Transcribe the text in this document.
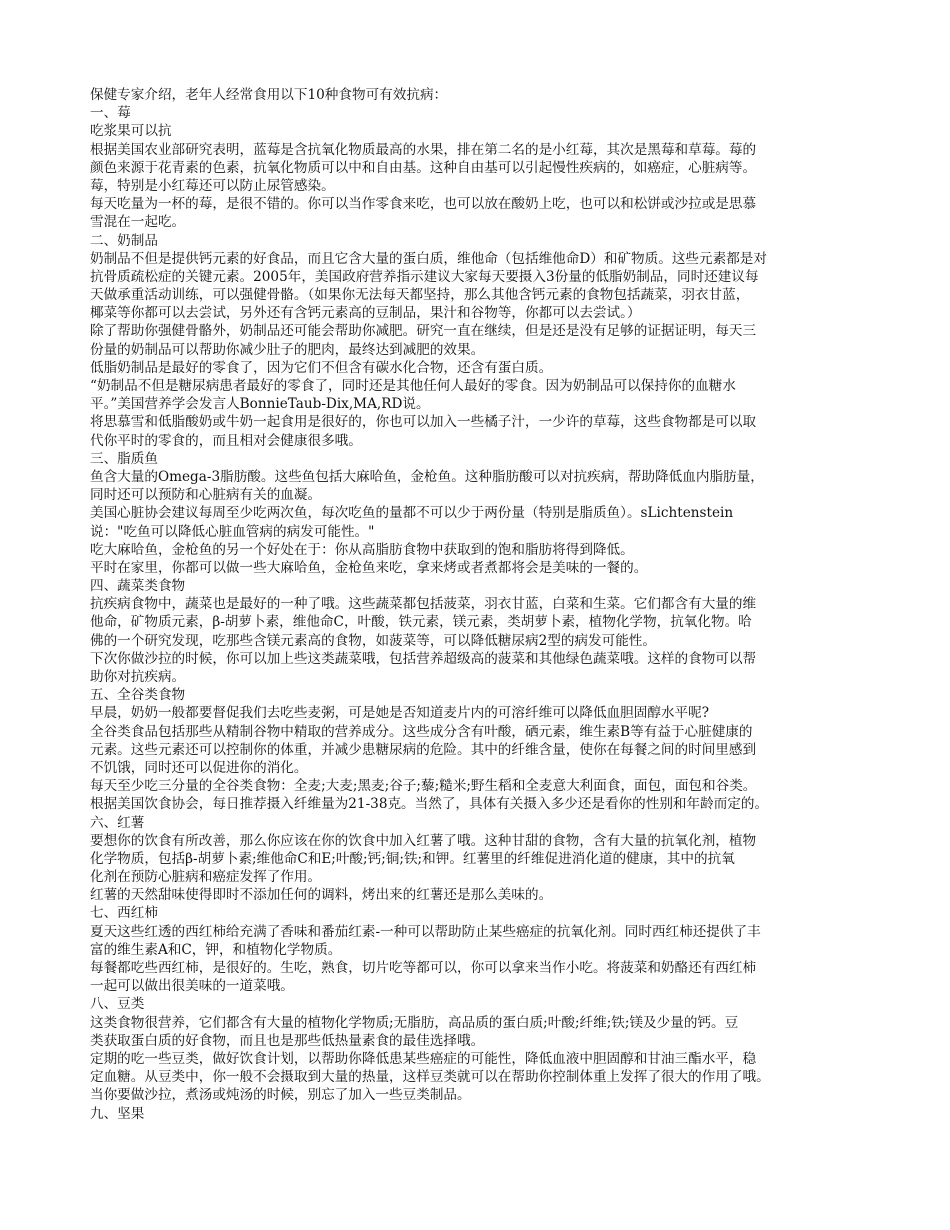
保健专家介绍，老年人经常食用以下10种食物可有效抗病：
一、莓
吃浆果可以抗
根据美国农业部研究表明，蓝莓是含抗氧化物质最高的水果，排在第二名的是小红莓，其次是黑莓和草莓。莓的
颜色来源于花青素的色素，抗氧化物质可以中和自由基。这种自由基可以引起慢性疾病的，如癌症，心脏病等。
莓，特别是小红莓还可以防止尿管感染。
每天吃量为一杯的莓，是很不错的。你可以当作零食来吃，也可以放在酸奶上吃，也可以和松饼或沙拉或是思慕
雪混在一起吃。
二、奶制品
奶制品不但是提供钙元素的好食品，而且它含大量的蛋白质，维他命（包括维他命D）和矿物质。这些元素都是对
抗骨质疏松症的关键元素。2005年，美国政府营养指示建议大家每天要摄入3份量的低脂奶制品，同时还建议每
天做承重活动训练，可以强健骨骼。（如果你无法每天都坚持，那么其他含钙元素的食物包括蔬菜，羽衣甘蓝，
椰菜等你都可以去尝试，另外还有含钙元素高的豆制品，果汁和谷物等，你都可以去尝试。）
除了帮助你强健骨骼外，奶制品还可能会帮助你减肥。研究一直在继续，但是还是没有足够的证据证明，每天三
份量的奶制品可以帮助你减少肚子的肥肉，最终达到减肥的效果。
低脂奶制品是最好的零食了，因为它们不但含有碳水化合物，还含有蛋白质。
“奶制品不但是糖尿病患者最好的零食了，同时还是其他任何人最好的零食。因为奶制品可以保持你的血糖水
平。”美国营养学会发言人BonnieTaub-Dix,MA,RD说。
将思慕雪和低脂酸奶或牛奶一起食用是很好的，你也可以加入一些橘子汁，一少许的草莓，这些食物都是可以取
代你平时的零食的，而且相对会健康很多哦。
三、脂质鱼
鱼含大量的Omega-3脂肪酸。这些鱼包括大麻哈鱼，金枪鱼。这种脂肪酸可以对抗疾病，帮助降低血内脂肪量，
同时还可以预防和心脏病有关的血凝。
美国心脏协会建议每周至少吃两次鱼，每次吃鱼的量都不可以少于两份量（特别是脂质鱼）。sLichtenstein
说："吃鱼可以降低心脏血管病的病发可能性。"
吃大麻哈鱼，金枪鱼的另一个好处在于：你从高脂肪食物中获取到的饱和脂肪将得到降低。
平时在家里，你都可以做一些大麻哈鱼，金枪鱼来吃，拿来烤或者煮都将会是美味的一餐的。
四、蔬菜类食物
抗疾病食物中，蔬菜也是最好的一种了哦。这些蔬菜都包括菠菜，羽衣甘蓝，白菜和生菜。它们都含有大量的维
他命，矿物质元素，β-胡萝卜素，维他命C，叶酸，铁元素，镁元素，类胡萝卜素，植物化学物，抗氧化物。哈
佛的一个研究发现，吃那些含镁元素高的食物，如菠菜等，可以降低糖尿病2型的病发可能性。
下次你做沙拉的时候，你可以加上些这类蔬菜哦，包括营养超级高的菠菜和其他绿色蔬菜哦。这样的食物可以帮
助你对抗疾病。
五、全谷类食物
早晨，奶奶一般都要督促我们去吃些麦粥，可是她是否知道麦片内的可溶纤维可以降低血胆固醇水平呢?
全谷类食品包括那些从精制谷物中精取的营养成分。这些成分含有叶酸，硒元素，维生素B等有益于心脏健康的
元素。这些元素还可以控制你的体重，并减少患糖尿病的危险。其中的纤维含量，使你在每餐之间的时间里感到
不饥饿，同时还可以促进你的消化。
每天至少吃三分量的全谷类食物：全麦;大麦;黑麦;谷子;藜;糙米;野生稻和全麦意大利面食，面包，面包和谷类。
根据美国饮食协会，每日推荐摄入纤维量为21-38克。当然了，具体有关摄入多少还是看你的性别和年龄而定的。
六、红薯
要想你的饮食有所改善，那么你应该在你的饮食中加入红薯了哦。这种甘甜的食物，含有大量的抗氧化剂，植物
化学物质，包括β-胡萝卜素;维他命C和E;叶酸;钙;铜;铁;和钾。红薯里的纤维促进消化道的健康，其中的抗氧
化剂在预防心脏病和癌症发挥了作用。
红薯的天然甜味使得即时不添加任何的调料，烤出来的红薯还是那么美味的。
七、西红柿
夏天这些红透的西红柿给充满了香味和番茄红素-一种可以帮助防止某些癌症的抗氧化剂。同时西红柿还提供了丰
富的维生素A和C，钾，和植物化学物质。
每餐都吃些西红柿，是很好的。生吃，熟食，切片吃等都可以，你可以拿来当作小吃。将菠菜和奶酪还有西红柿
一起可以做出很美味的一道菜哦。
八、豆类
这类食物很营养，它们都含有大量的植物化学物质;无脂肪，高品质的蛋白质;叶酸;纤维;铁;镁及少量的钙。豆
类获取蛋白质的好食物，而且也是那些低热量素食的最佳选择哦。
定期的吃一些豆类，做好饮食计划，以帮助你降低患某些癌症的可能性，降低血液中胆固醇和甘油三酯水平，稳
定血糖。从豆类中，你一般不会摄取到大量的热量，这样豆类就可以在帮助你控制体重上发挥了很大的作用了哦。
当你要做沙拉，煮汤或炖汤的时候，别忘了加入一些豆类制品。
九、坚果
